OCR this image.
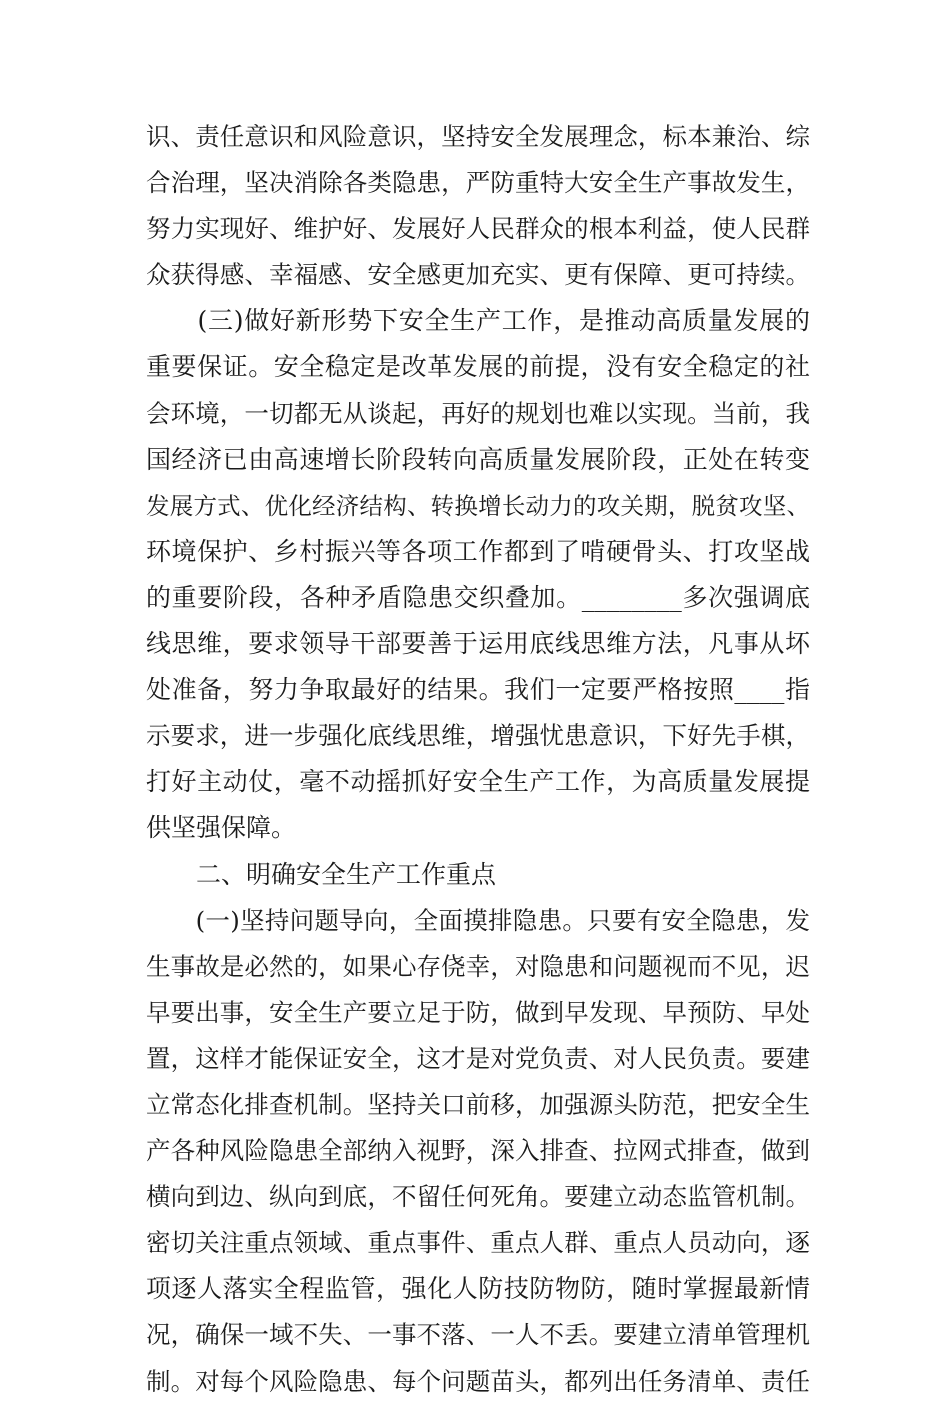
识、责任意识和风险意识，坚持安全发展理念，标本兼治、综
合治理，坚决消除各类隐患，严防重特大安全生产事故发生，
努力实现好、维护好、发展好人民群众的根本利益，使人民群
众获得感、幸福感、安全感更加充实、更有保障、更可持续。
　　(三)做好新形势下安全生产工作，是推动高质量发展的
重要保证。安全稳定是改革发展的前提，没有安全稳定的社
会环境，一切都无从谈起，再好的规划也难以实现。当前，我
国经济已由高速增长阶段转向高质量发展阶段，正处在转变
发展方式、优化经济结构、转换增长动力的攻关期，脱贫攻坚、
环境保护、乡村振兴等各项工作都到了啃硬骨头、打攻坚战
的重要阶段，各种矛盾隐患交织叠加。________多次强调底
线思维，要求领导干部要善于运用底线思维方法，凡事从坏
处准备，努力争取最好的结果。我们一定要严格按照____指
示要求，进一步强化底线思维，增强忧患意识，下好先手棋，
打好主动仗，毫不动摇抓好安全生产工作，为高质量发展提
供坚强保障。
　　二、明确安全生产工作重点
　　(一)坚持问题导向，全面摸排隐患。只要有安全隐患，发
生事故是必然的，如果心存侥幸，对隐患和问题视而不见，迟
早要出事，安全生产要立足于防，做到早发现、早预防、早处
置，这样才能保证安全，这才是对党负责、对人民负责。要建
立常态化排查机制。坚持关口前移，加强源头防范，把安全生
产各种风险隐患全部纳入视野，深入排查、拉网式排查，做到
横向到边、纵向到底，不留任何死角。要建立动态监管机制。
密切关注重点领域、重点事件、重点人群、重点人员动向，逐
项逐人落实全程监管，强化人防技防物防，随时掌握最新情
况，确保一域不失、一事不落、一人不丢。要建立清单管理机
制。对每个风险隐患、每个问题苗头，都列出任务清单、责任
